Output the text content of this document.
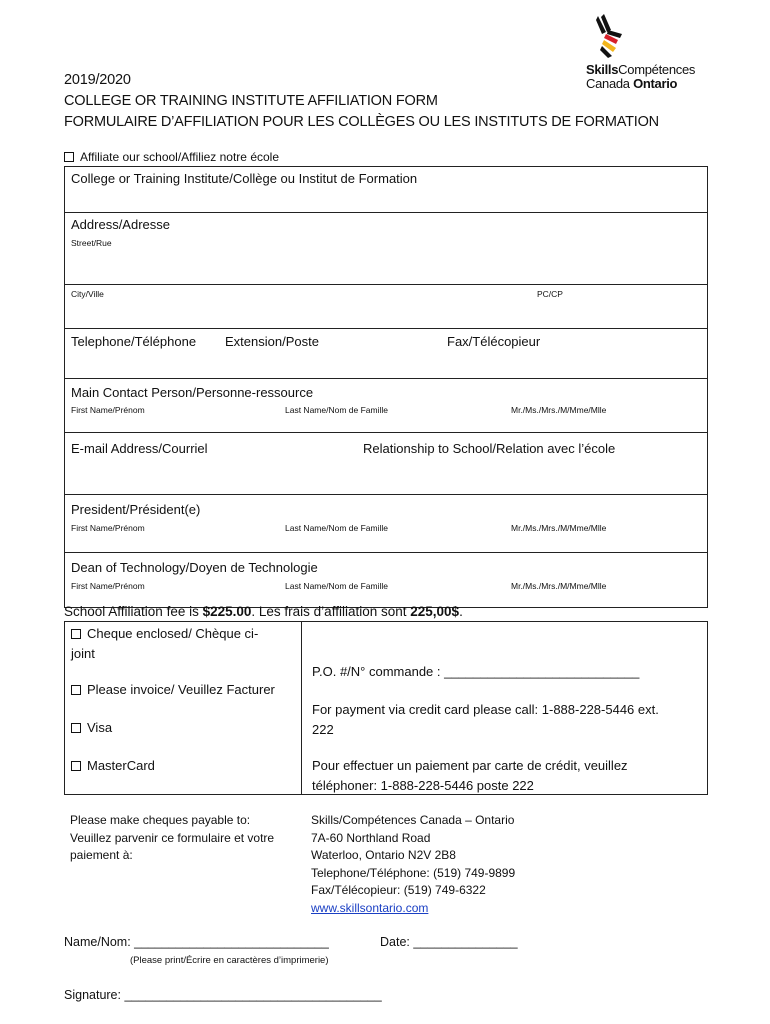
SkillsCompétences
Canada Ontario
2019/2020
COLLEGE OR TRAINING INSTITUTE AFFILIATION FORM
FORMULAIRE D’AFFILIATION POUR LES COLLÈGES OU LES INSTITUTS DE FORMATION
Affiliate our school/Affiliez notre école
College or Training Institute/Collège ou Institut de Formation
Address/Adresse
Street/Rue
City/Ville	PC/CP
Telephone/Téléphone Extension/Poste	Fax/Télécopieur
Main Contact Person/Personne-ressource
First Name/Prénom	Last Name/Nom de Famille	Mr./Ms./Mrs./M/Mme/Mlle
E-mail Address/Courriel	Relationship to School/Relation avec l’école
President/Président(e)
First Name/Prénom	Last Name/Nom de Famille	Mr./Ms./Mrs./M/Mme/Mlle
Dean of Technology/Doyen de Technologie
First Name/Prénom	Last Name/Nom de Famille	Mr./Ms./Mrs./M/Mme/Mlle
School Affiliation fee is $225.00. Les frais d’affiliation sont 225,00$.
Cheque enclosed/ Chèque ci-
joint
Please invoice/ Veuillez Facturer
Visa
MasterCard
P.O. #/N° commande : ___________________________
For payment via credit card please call: 1-888-228-5446 ext.
222
Pour effectuer un paiement par carte de crédit, veuillez
téléphoner: 1-888-228-5446 poste 222
Please make cheques payable to:
Veuillez parvenir ce formulaire et votre
paiement à:
Skills/Compétences Canada – Ontario
7A-60 Northland Road
Waterloo, Ontario N2V 2B8
Telephone/Téléphone: (519) 749-9899
Fax/Télécopieur: (519) 749-6322
www.skillsontario.com
Name/Nom: ____________________________	Date: _______________
(Please print/Écrire en caractères d’imprimerie)
Signature: _____________________________________
